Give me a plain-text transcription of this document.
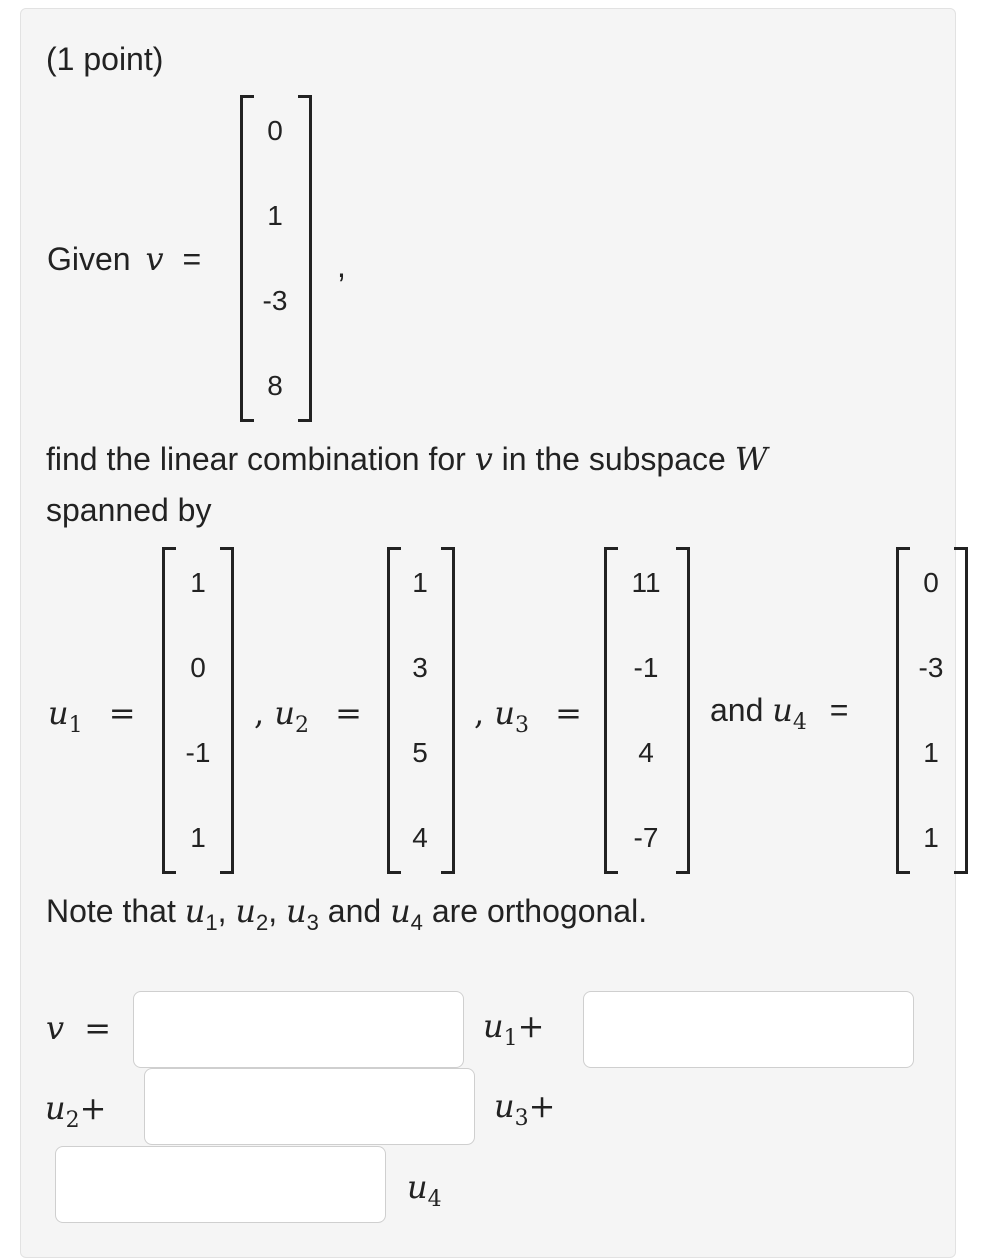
(1 point)
Given v =
0
1
-3
8
,
find the linear combination for v in the subspace W
spanned by
$u_1$ =
1
0
-1
1
, $u_2$ =
1
3
5
4
, $u_3$ =
11
-1
4
-7
and $u_4$ =
0
-3
1
1
Note that $u_1$, $u_2$, $u_3$ and $u_4$ are orthogonal.
v =	$u_1+$
$u_2+$	$u_3+$
$u_4$
